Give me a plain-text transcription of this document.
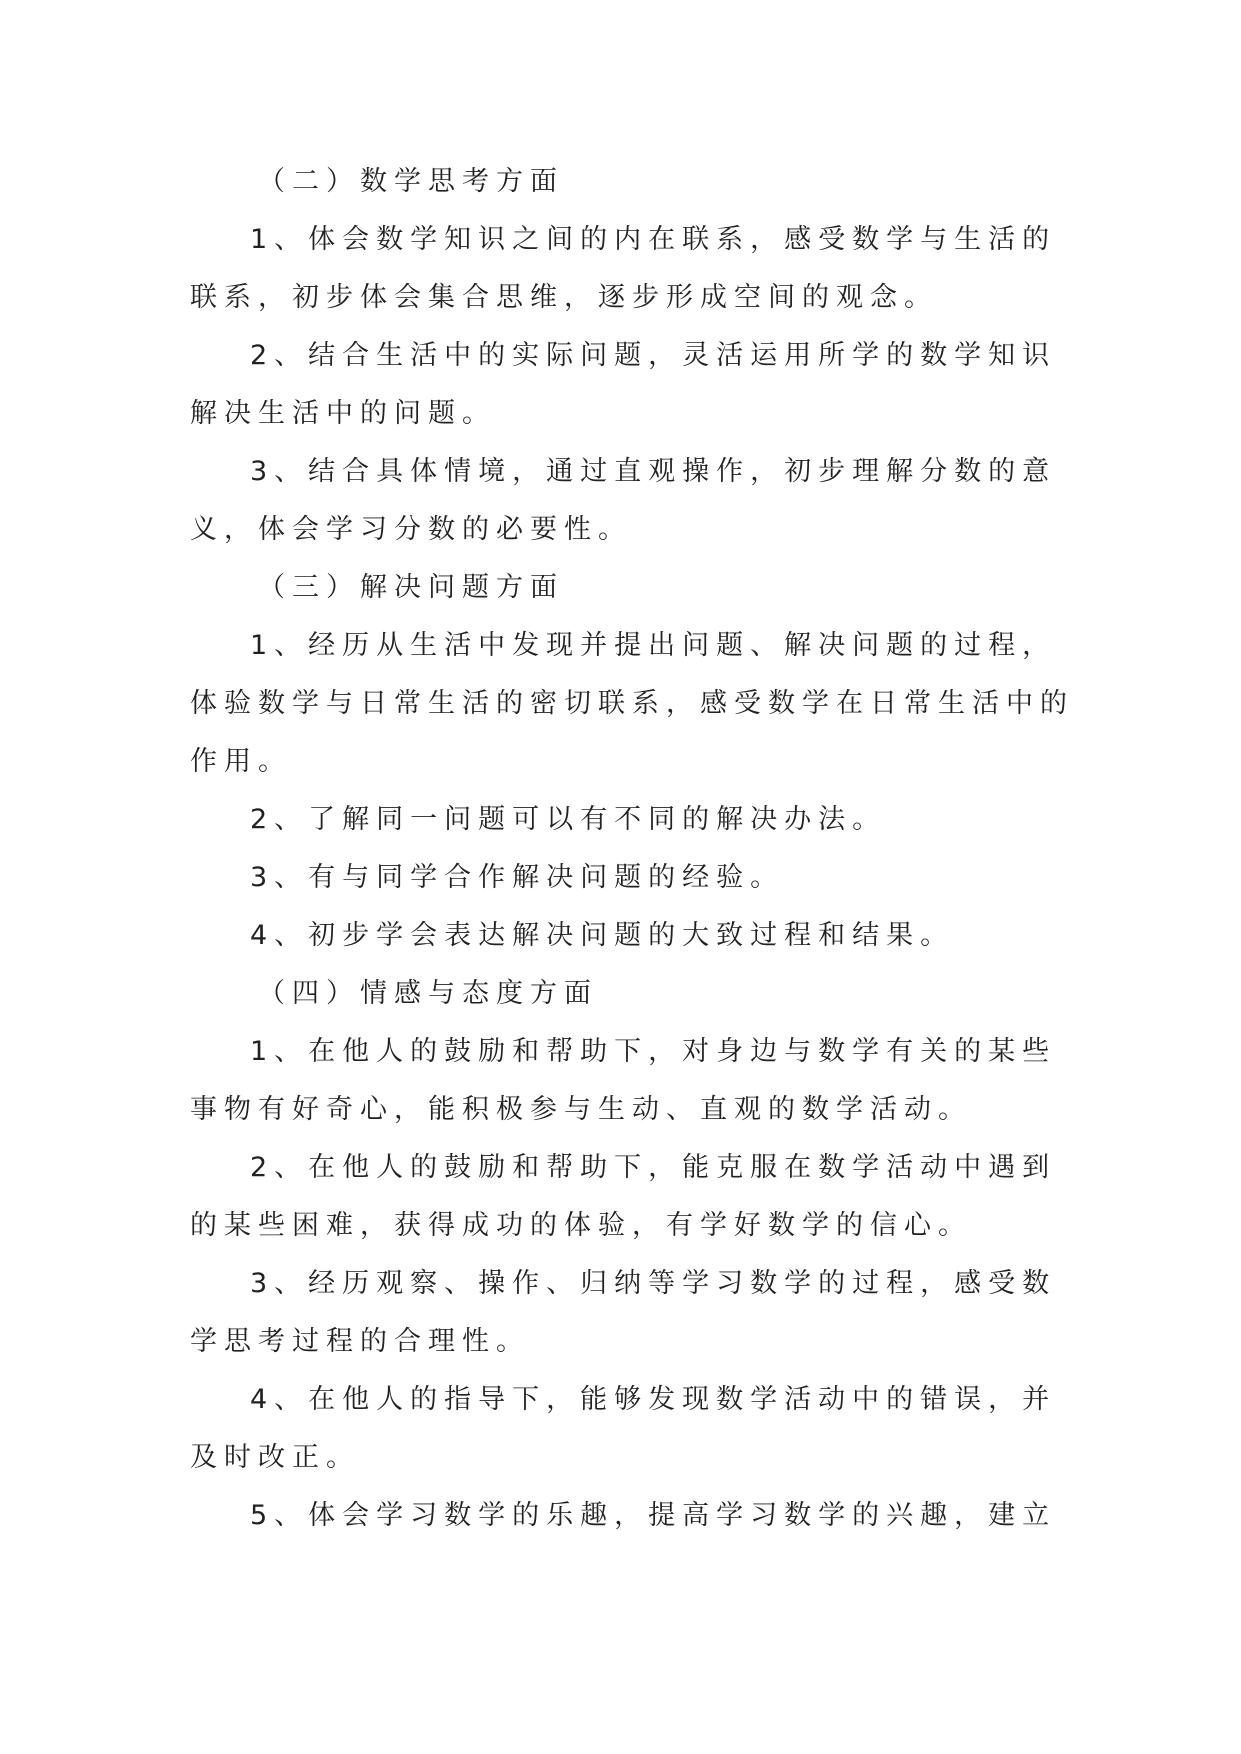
（二）数学思考方面
1、体会数学知识之间的内在联系，感受数学与生活的
联系，初步体会集合思维，逐步形成空间的观念。
2、结合生活中的实际问题，灵活运用所学的数学知识
解决生活中的问题。
3、结合具体情境，通过直观操作，初步理解分数的意
义，体会学习分数的必要性。
（三）解决问题方面
1、经历从生活中发现并提出问题、解决问题的过程，
体验数学与日常生活的密切联系，感受数学在日常生活中的
作用。
2、了解同一问题可以有不同的解决办法。
3、有与同学合作解决问题的经验。
4、初步学会表达解决问题的大致过程和结果。
（四）情感与态度方面
1、在他人的鼓励和帮助下，对身边与数学有关的某些
事物有好奇心，能积极参与生动、直观的数学活动。
2、在他人的鼓励和帮助下，能克服在数学活动中遇到
的某些困难，获得成功的体验，有学好数学的信心。
3、经历观察、操作、归纳等学习数学的过程，感受数
学思考过程的合理性。
4、在他人的指导下，能够发现数学活动中的错误，并
及时改正。
5、体会学习数学的乐趣，提高学习数学的兴趣，建立
